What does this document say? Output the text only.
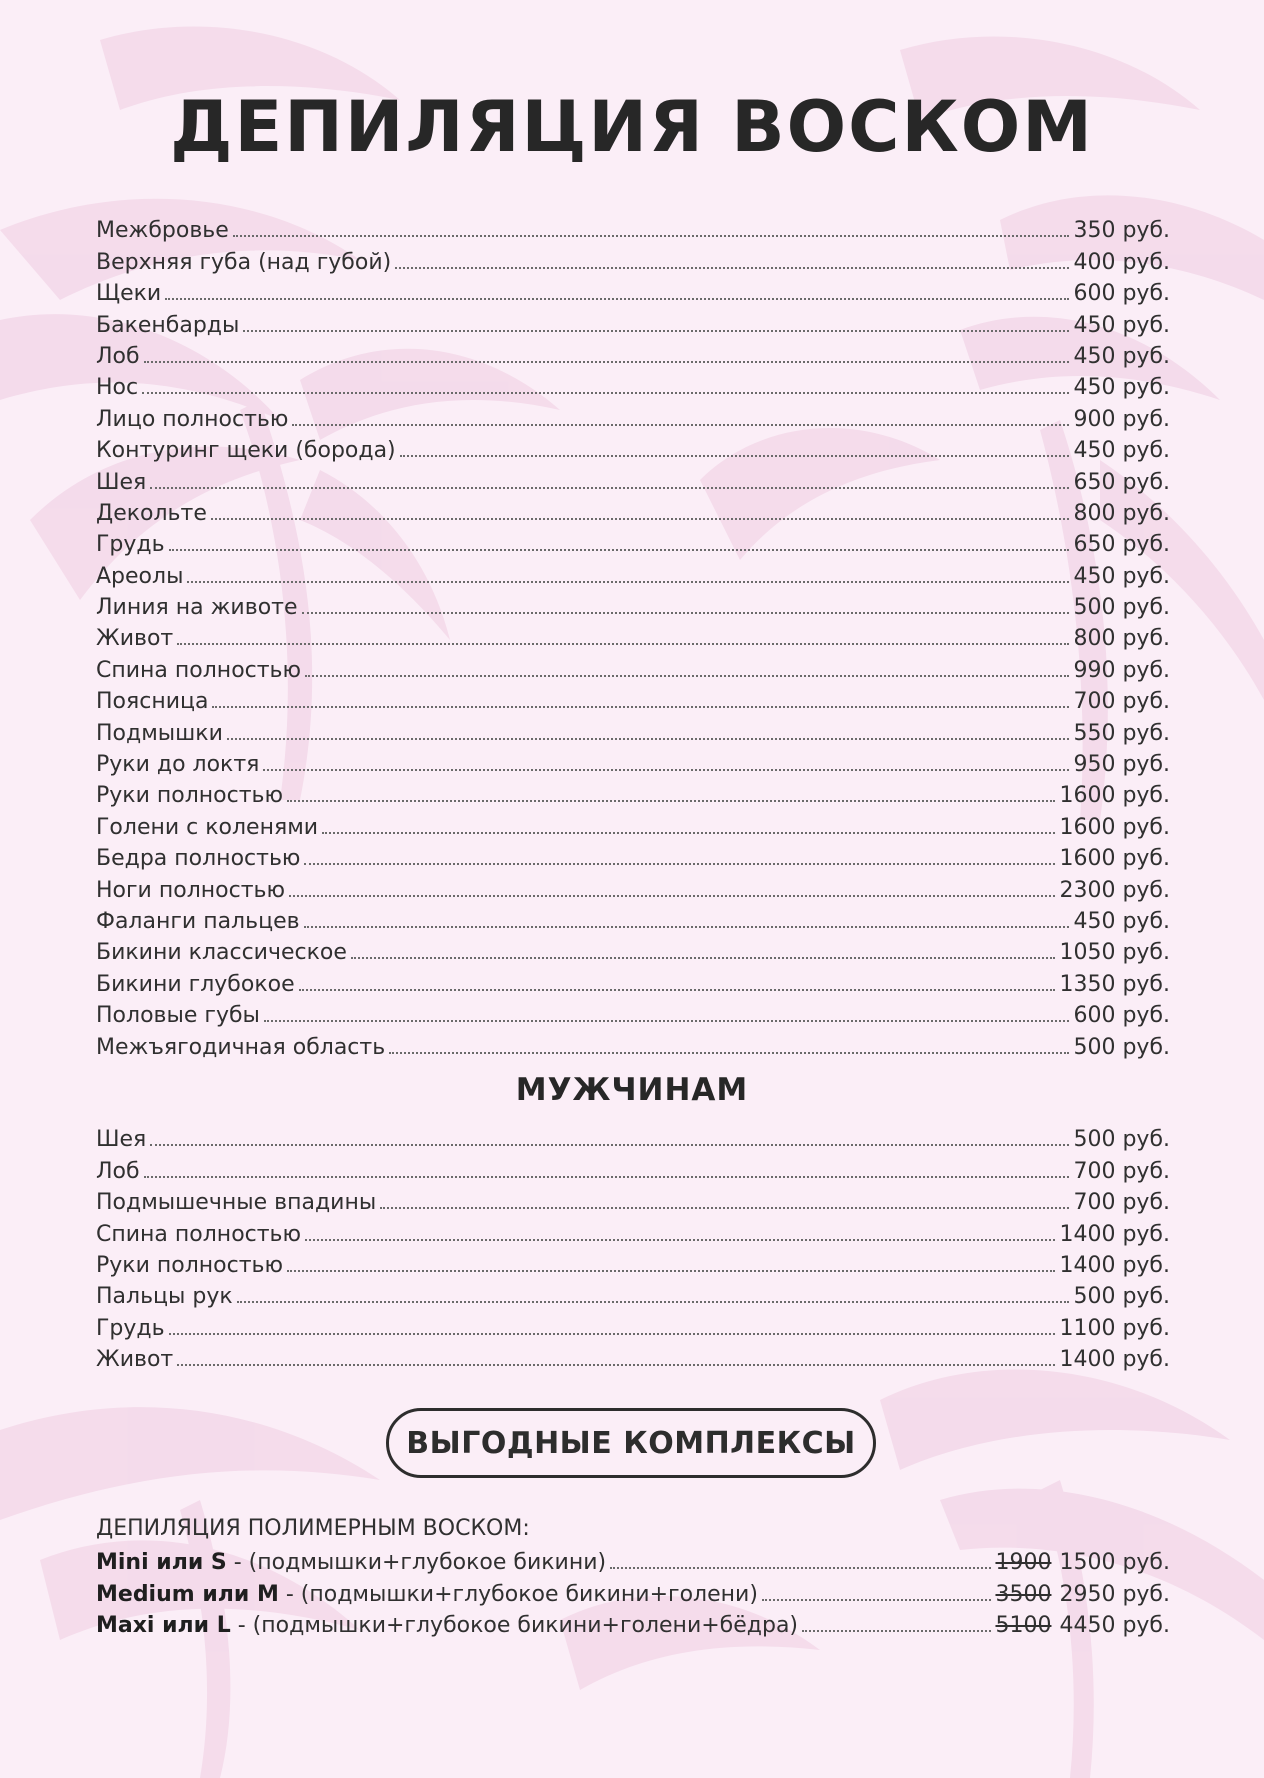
ДЕПИЛЯЦИЯ ВОСКОМ
Межбровье	350 руб.
Верхняя губа (над губой)	400 руб.
Щеки	600 руб.
Бакенбарды	450 руб.
Лоб	450 руб.
Нос	450 руб.
Лицо полностью	900 руб.
Контуринг щеки (борода)	450 руб.
Шея	650 руб.
Декольте	800 руб.
Грудь	650 руб.
Ареолы	450 руб.
Линия на животе	500 руб.
Живот	800 руб.
Спина полностью	990 руб.
Поясница	700 руб.
Подмышки	550 руб.
Руки до локтя	950 руб.
Руки полностью	1600 руб.
Голени с коленями	1600 руб.
Бедра полностью	1600 руб.
Ноги полностью	2300 руб.
Фаланги пальцев	450 руб.
Бикини классическое	1050 руб.
Бикини глубокое	1350 руб.
Половые губы	600 руб.
Межъягодичная область	500 руб.
МУЖЧИНАМ
Шея	500 руб.
Лоб	700 руб.
Подмышечные впадины	700 руб.
Спина полностью	1400 руб.
Руки полностью	1400 руб.
Пальцы рук	500 руб.
Грудь	1100 руб.
Живот	1400 руб.
ВЫГОДНЫЕ КОМПЛЕКСЫ
ДЕПИЛЯЦИЯ ПОЛИМЕРНЫМ ВОСКОМ:
Mini или S - (подмышки+глубокое бикини)	1900 1500 руб.
Medium или M - (подмышки+глубокое бикини+голени)	3500 2950 руб.
Maxi или L - (подмышки+глубокое бикини+голени+бёдра)	5100 4450 руб.
